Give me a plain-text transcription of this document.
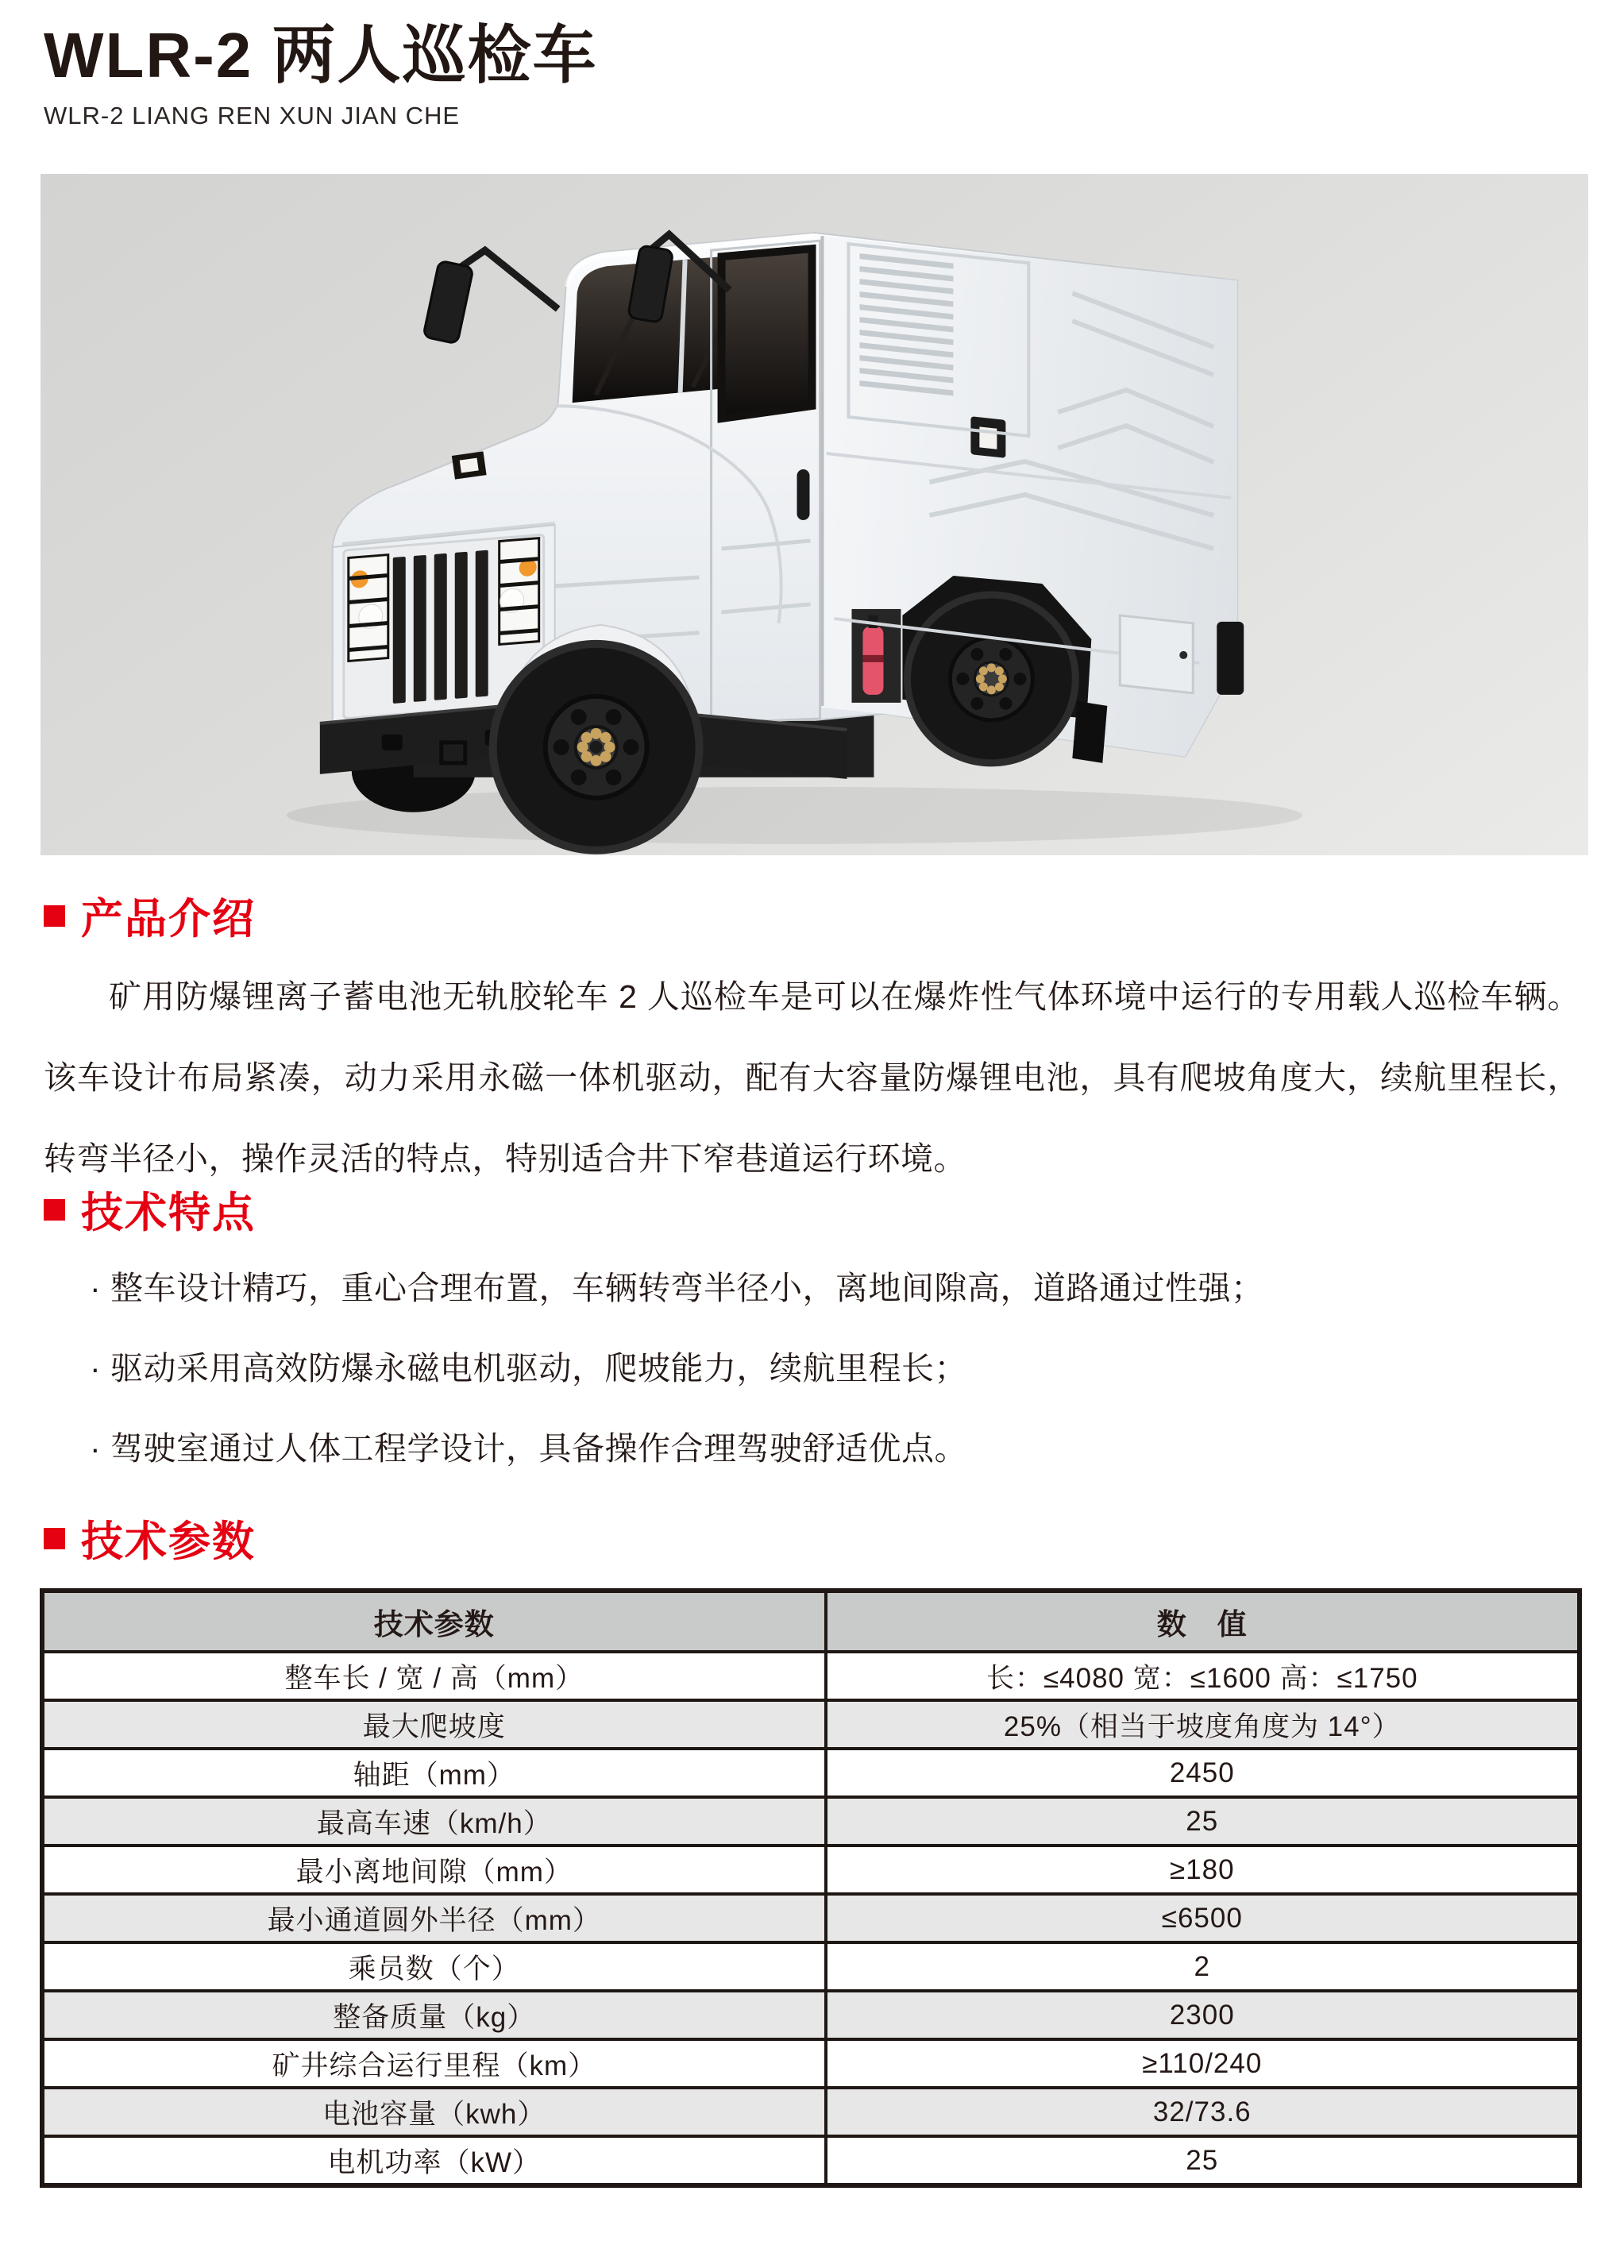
WLR-2 两人巡检车
WLR-2 LIANG REN XUN JIAN CHE
产品介绍

矿用防爆锂离子蓄电池无轨胶轮车 2 人巡检车是可以在爆炸性气体环境中运行的专用载人巡检车辆。该车设计布局紧凑，动力采用永磁一体机驱动，配有大容量防爆锂电池，具有爬坡角度大，续航里程长，转弯半径小，操作灵活的特点，特别适合井下窄巷道运行环境。

技术特点
· 整车设计精巧，重心合理布置，车辆转弯半径小，离地间隙高，道路通过性强；
· 驱动采用高效防爆永磁电机驱动，爬坡能力，续航里程长；
· 驾驶室通过人体工程学设计，具备操作合理驾驶舒适优点。
技术参数
技术参数	数　值
整车长 / 宽 / 高（mm）	长：≤4080 宽：≤1600 高：≤1750
最大爬坡度	25%（相当于坡度角度为 14°）
轴距（mm）	2450
最高车速（km/h）	25
最小离地间隙（mm）	≥180
最小通道圆外半径（mm）	≤6500
乘员数（个）	2
整备质量（kg）	2300
矿井综合运行里程（km）	≥110/240
电池容量（kwh）	32/73.6
电机功率（kW）	25
